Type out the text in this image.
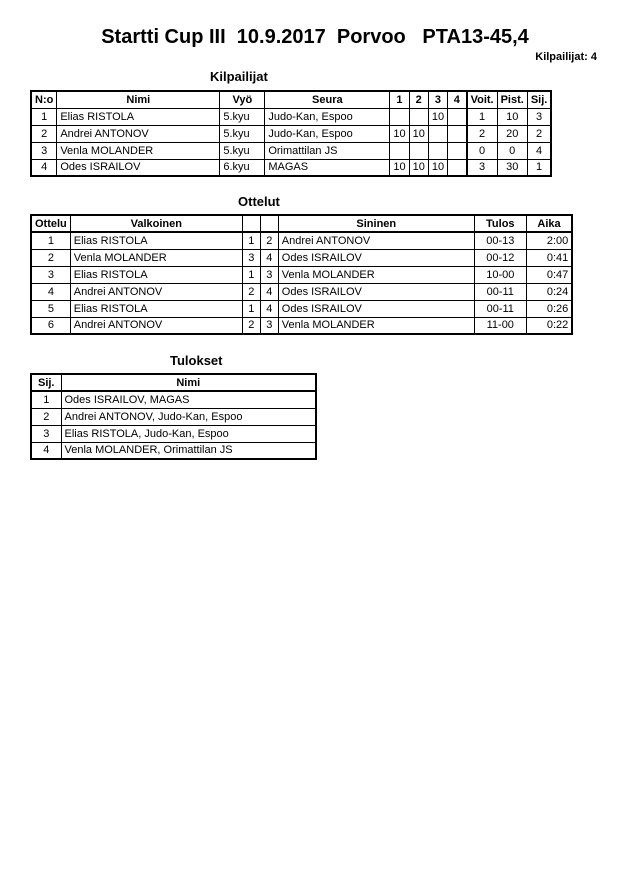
Startti Cup III  10.9.2017  Porvoo   PTA13-45,4
Kilpailijat: 4
Kilpailijat
N:o	Nimi	Vyö	Seura	1	2	3	4	Voit.	Pist.	Sij.
1	Elias RISTOLA	5.kyu	Judo-Kan, Espoo			10		1	10	3
2	Andrei ANTONOV	5.kyu	Judo-Kan, Espoo	10	10			2	20	2
3	Venla MOLANDER	5.kyu	Orimattilan JS					0	0	4
4	Odes ISRAILOV	6.kyu	MAGAS	10	10	10		3	30	1
Ottelut
Ottelu	Valkoinen			Sininen	Tulos	Aika
1	Elias RISTOLA	1	2	Andrei ANTONOV	00-13	2:00
2	Venla MOLANDER	3	4	Odes ISRAILOV	00-12	0:41
3	Elias RISTOLA	1	3	Venla MOLANDER	10-00	0:47
4	Andrei ANTONOV	2	4	Odes ISRAILOV	00-11	0:24
5	Elias RISTOLA	1	4	Odes ISRAILOV	00-11	0:26
6	Andrei ANTONOV	2	3	Venla MOLANDER	11-00	0:22
Tulokset
Sij.	Nimi
1	Odes ISRAILOV, MAGAS
2	Andrei ANTONOV, Judo-Kan, Espoo
3	Elias RISTOLA, Judo-Kan, Espoo
4	Venla MOLANDER, Orimattilan JS
